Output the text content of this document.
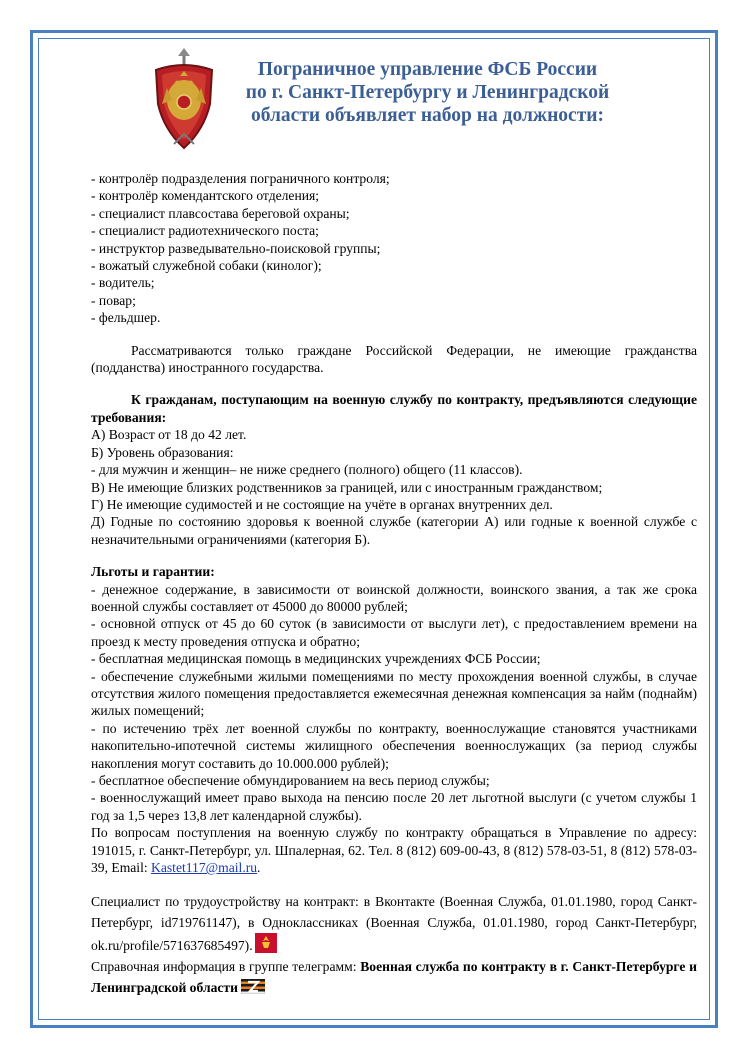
Пограничное управление ФСБ России
по г. Санкт-Петербургу и Ленинградской
области объявляет набор на должности:

- контролёр подразделения пограничного контроля;

- контролёр комендантского отделения;

- специалист плавсостава береговой охраны;

- специалист радиотехнического поста;

- инструктор разведывательно-поисковой группы;

- вожатый служебной собаки (кинолог);

- водитель;

- повар;

- фельдшер.

Рассматриваются только граждане Российской Федерации, не имеющие гражданства (подданства) иностранного государства.

К гражданам, поступающим на военную службу по контракту, предъявляются следующие требования:

А) Возраст от 18 до 42 лет.

Б) Уровень образования:

- для мужчин и женщин– не ниже среднего (полного) общего (11 классов).

В) Не имеющие близких родственников за границей, или с иностранным гражданством;

Г) Не имеющие судимостей и не состоящие на учёте в органах внутренних дел.

Д) Годные по состоянию здоровья к военной службе (категории А) или годные к военной службе с незначительными ограничениями (категория Б).

Льготы и гарантии:

- денежное содержание, в зависимости от воинской должности, воинского звания, а так же срока военной службы составляет от 45000 до 80000 рублей;

- основной отпуск от 45 до 60 суток (в зависимости от выслуги лет), с предоставлением времени на проезд к месту проведения отпуска и обратно;

- бесплатная медицинская помощь в медицинских учреждениях ФСБ России;

- обеспечение служебными жилыми помещениями по месту прохождения военной службы, в случае отсутствия жилого помещения предоставляется ежемесячная денежная компенсация за найм (поднайм) жилых помещений;

- по истечению трёх лет военной службы по контракту, военнослужащие становятся участниками накопительно-ипотечной системы жилищного обеспечения военнослужащих (за период службы накопления могут составить до 10.000.000 рублей);

- бесплатное обеспечение обмундированием на весь период службы;

- военнослужащий имеет право выхода на пенсию после 20 лет льготной выслуги (с учетом службы 1 год за 1,5 через 13,8 лет календарной службы).

По вопросам поступления на военную службу по контракту обращаться в Управление по адресу: 191015, г. Санкт-Петербург, ул. Шпалерная, 62. Тел. 8 (812) 609-00-43, 8 (812) 578-03-51, 8 (812) 578-03-39, Email: Kastet117@mail.ru.

Специалист по трудоустройству на контракт: в Вконтакте (Военная Служба, 01.01.1980, город Санкт-Петербург, id719761147), в Одноклассниках (Военная Служба, 01.01.1980, город Санкт-Петербург, ok.ru/profile/571637685497).

Справочная информация в группе телеграмм: Военная служба по контракту в г. Санкт-Петербурге и Ленинградской области
